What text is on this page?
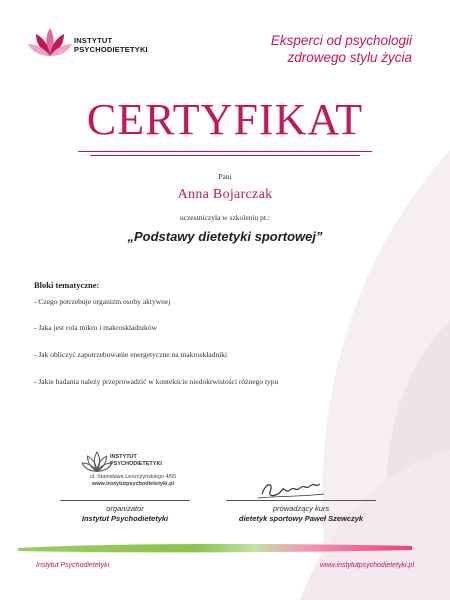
INSTYTUT
PSYCHODIETETYKI
Eksperci od psychologii
zdrowego stylu życia
CERTYFIKAT
Pani
Anna Bojarczak
uczestniczyła w szkoleniu pt.:
„Podstawy dietetyki sportowej”
Bloki tematyczne:
- Czego potrzebuje organizm osoby aktywnej
- Jaka jest rola mikro i makroskładników
- Jak obliczyć zapotrzebowanie energetyczne na makroskładniki
- Jakie badania należy przeprowadzić w kontekście niedokrwistości różnego typu
INSTYTUT
PSYCHODIETETYKI
ul. Stanisława Leszczyńskiego 4/55
www.instytutpsychodietetyki.pl
organizator
Instytut Psychodietetyki
prowadzący kurs
dietetyk sportowy Paweł Szewczyk
Instytut Psychodietetyki	www.instytutpsychodietetyki.pl
